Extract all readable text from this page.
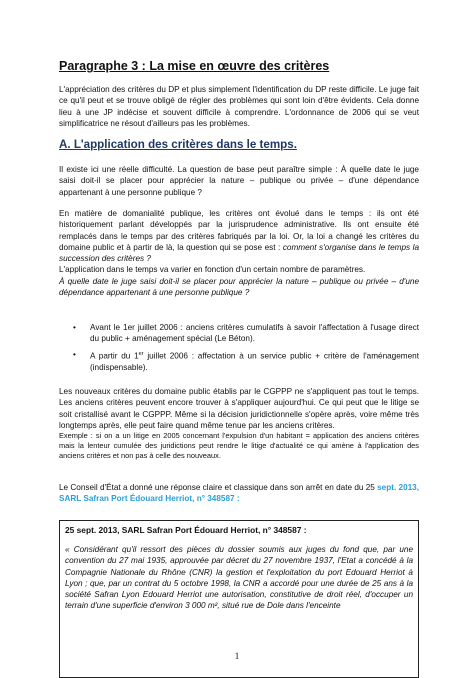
Paragraphe 3 : La mise en œuvre des critères

L'appréciation des critères du DP et plus simplement l'identification du DP reste difficile. Le juge fait ce qu'il peut et se trouve obligé de régler des problèmes qui sont loin d'être évidents. Cela donne lieu à une JP indécise et souvent difficile à comprendre. L'ordonnance de 2006 qui se veut simplificatrice ne résout d'ailleurs pas les problèmes.

A. L'application des critères dans le temps.

Il existe ici une réelle difficulté. La question de base peut paraître simple : À quelle date le juge saisi doit-il se placer pour apprécier la nature – publique ou privée – d'une dépendance appartenant à une personne publique ?

En matière de domanialité publique, les critères ont évolué dans le temps : ils ont été historiquement parlant développés par la jurisprudence administrative. Ils ont ensuite été remplacés dans le temps par des critères fabriqués par la loi. Or, la loi a changé les critères du domaine public et à partir de là, la question qui se pose est : comment s'organise dans le temps la succession des critères ?

L'application dans le temps va varier en fonction d'un certain nombre de paramètres.

À quelle date le juge saisi doit-il se placer pour apprécier la nature – publique ou privée – d'une dépendance appartenant à une personne publique ?

• Avant le 1er juillet 2006 : anciens critères cumulatifs à savoir l'affectation à l'usage direct du public + aménagement spécial (Le Béton).

• A partir du 1er juillet 2006 : affectation à un service public + critère de l'aménagement (indispensable).

Les nouveaux critères du domaine public établis par le CGPPP ne s'appliquent pas tout le temps. Les anciens critères peuvent encore trouver à s'appliquer aujourd'hui. Ce qui peut que le litige se soit cristallisé avant le CGPPP. Même si la décision juridictionnelle s'opère après, voire même très longtemps après, elle peut faire quand même tenue par les anciens critères.

Exemple : si on a un litige en 2005 concernant l'expulsion d'un habitant = application des anciens critères mais la lenteur cumulée des juridictions peut rendre le litige d'actualité ce qui amène à l'application des anciens critères et non pas à celle des nouveaux.

Le Conseil d'État a donné une réponse claire et classique dans son arrêt en date du 25 sept. 2013, SARL Safran Port Édouard Herriot, n° 348587 :

25 sept. 2013, SARL Safran Port Édouard Herriot, n° 348587 :

« Considérant qu'il ressort des pièces du dossier soumis aux juges du fond que, par une convention du 27 mai 1935, approuvée par décret du 27 novembre 1937, l'Etat a concédé à la Compagnie Nationale du Rhône (CNR) la gestion et l'exploitation du port Edouard Herriot à Lyon ; que, par un contrat du 5 octobre 1998, la CNR a accordé pour une durée de 25 ans à la société Safran Lyon Edouard Herriot une autorisation, constitutive de droit réel, d'occuper un terrain d'une superficie d'environ 3 000 m², situé rue de Dole dans l'enceinte

1
